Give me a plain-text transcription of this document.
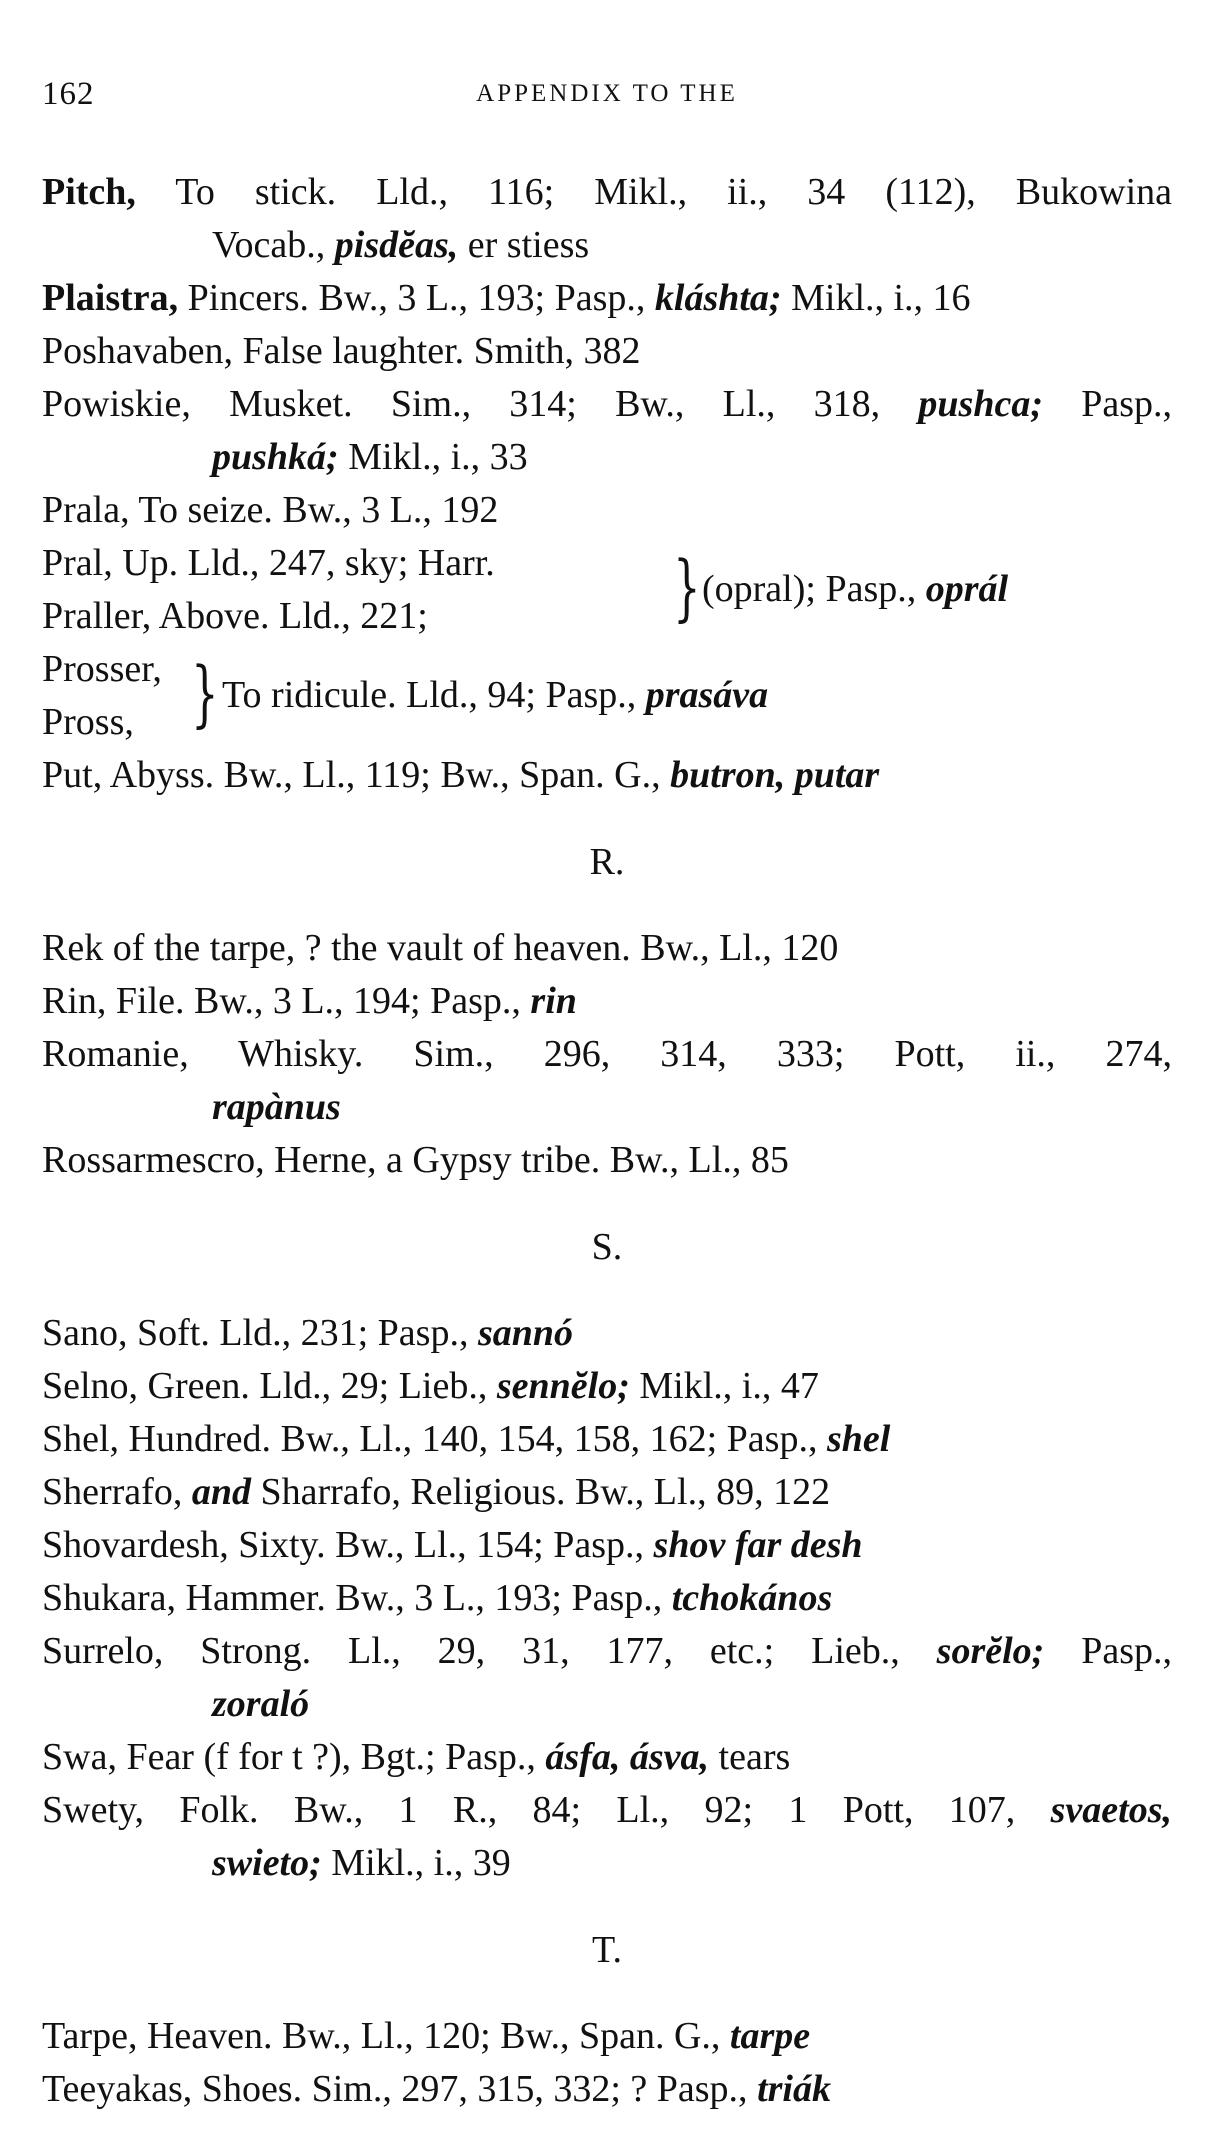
162	APPENDIX TO THE
Pitch, To stick. Lld., 116; Mikl., ii., 34 (112), Bukowina
Vocab., pisdĕas, er stiess
Plaistra, Pincers. Bw., 3 L., 193; Pasp., kláshta; Mikl., i., 16
Poshavaben, False laughter. Smith, 382
Powiskie, Musket. Sim., 314; Bw., Ll., 318, pushca; Pasp.,
pushká; Mikl., i., 33
Prala, To seize. Bw., 3 L., 192
Pral, Up. Lld., 247, sky; Harr.
Praller, Above. Lld., 221;	} (opral); Pasp., oprál
Prosser,
Pross, } To ridicule. Lld., 94; Pasp., prasáva
Put, Abyss. Bw., Ll., 119; Bw., Span. G., butron, putar
R.
Rek of the tarpe, ? the vault of heaven. Bw., Ll., 120
Rin, File. Bw., 3 L., 194; Pasp., rin
Romanie, Whisky. Sim., 296, 314, 333; Pott, ii., 274,
rapànus
Rossarmescro, Herne, a Gypsy tribe. Bw., Ll., 85
S.
Sano, Soft. Lld., 231; Pasp., sannó
Selno, Green. Lld., 29; Lieb., sennĕlo; Mikl., i., 47
Shel, Hundred. Bw., Ll., 140, 154, 158, 162; Pasp., shel
Sherrafo, and Sharrafo, Religious. Bw., Ll., 89, 122
Shovardesh, Sixty. Bw., Ll., 154; Pasp., shov far desh
Shukara, Hammer. Bw., 3 L., 193; Pasp., tchokános
Surrelo, Strong. Ll., 29, 31, 177, etc.; Lieb., sorĕlo; Pasp.,
zoraló
Swa, Fear (f for t ?), Bgt.; Pasp., ásfa, ásva, tears
Swety, Folk. Bw., 1 R., 84; Ll., 92; 1 Pott, 107, svaetos,
swieto; Mikl., i., 39
T.
Tarpe, Heaven. Bw., Ll., 120; Bw., Span. G., tarpe
Teeyakas, Shoes. Sim., 297, 315, 332; ? Pasp., triák
